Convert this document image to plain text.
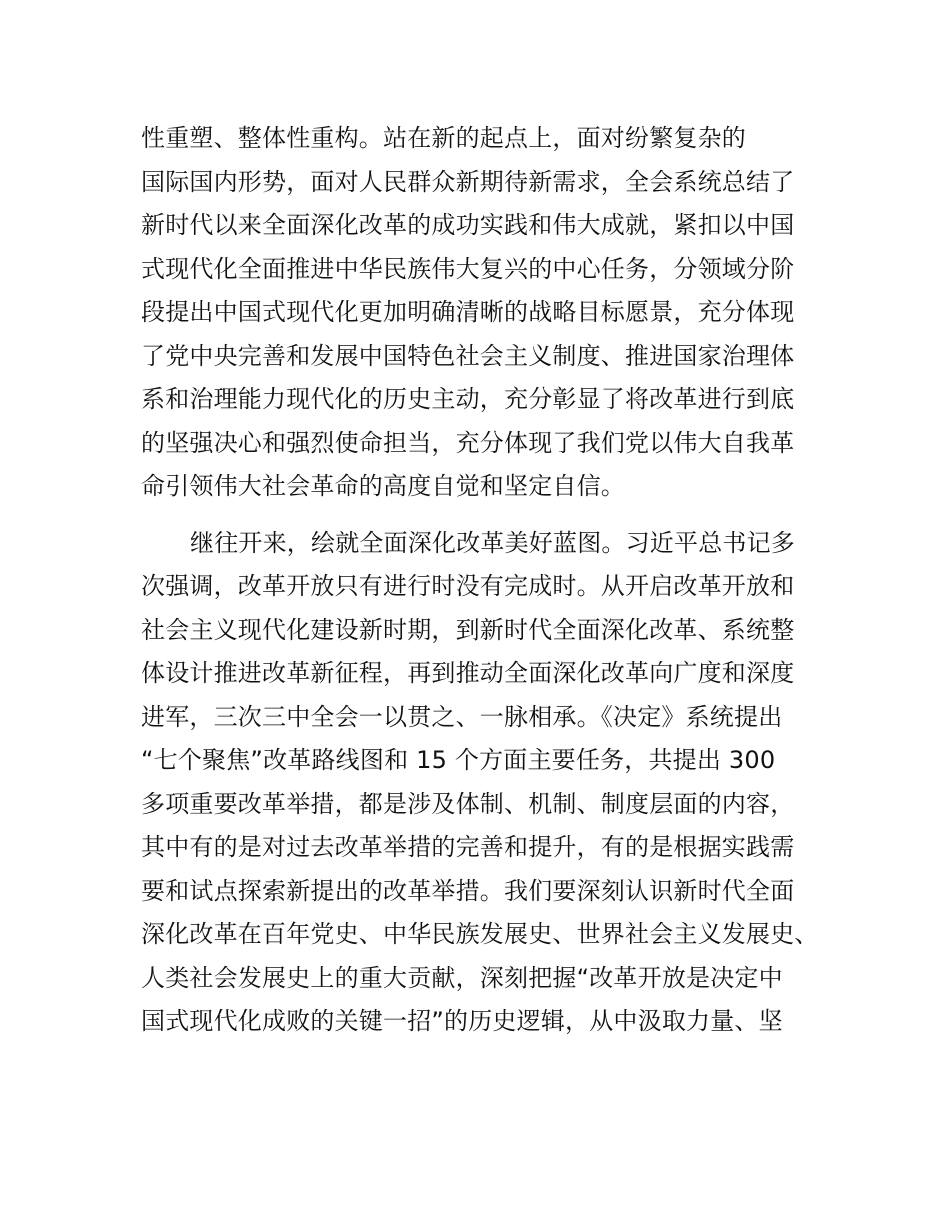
性重塑、整体性重构。站在新的起点上，面对纷繁复杂的
国际国内形势，面对人民群众新期待新需求，全会系统总结了
新时代以来全面深化改革的成功实践和伟大成就，紧扣以中国
式现代化全面推进中华民族伟大复兴的中心任务，分领域分阶
段提出中国式现代化更加明确清晰的战略目标愿景，充分体现
了党中央完善和发展中国特色社会主义制度、推进国家治理体
系和治理能力现代化的历史主动，充分彰显了将改革进行到底
的坚强决心和强烈使命担当，充分体现了我们党以伟大自我革
命引领伟大社会革命的高度自觉和坚定自信。

继往开来，绘就全面深化改革美好蓝图。习近平总书记多
次强调，改革开放只有进行时没有完成时。从开启改革开放和
社会主义现代化建设新时期，到新时代全面深化改革、系统整
体设计推进改革新征程，再到推动全面深化改革向广度和深度
进军，三次三中全会一以贯之、一脉相承。《决定》系统提出
“七个聚焦”改革路线图和 15 个方面主要任务，共提出 300
多项重要改革举措，都是涉及体制、机制、制度层面的内容，
其中有的是对过去改革举措的完善和提升，有的是根据实践需
要和试点探索新提出的改革举措。我们要深刻认识新时代全面
深化改革在百年党史、中华民族发展史、世界社会主义发展史、
人类社会发展史上的重大贡献，深刻把握“改革开放是决定中
国式现代化成败的关键一招”的历史逻辑，从中汲取力量、坚
